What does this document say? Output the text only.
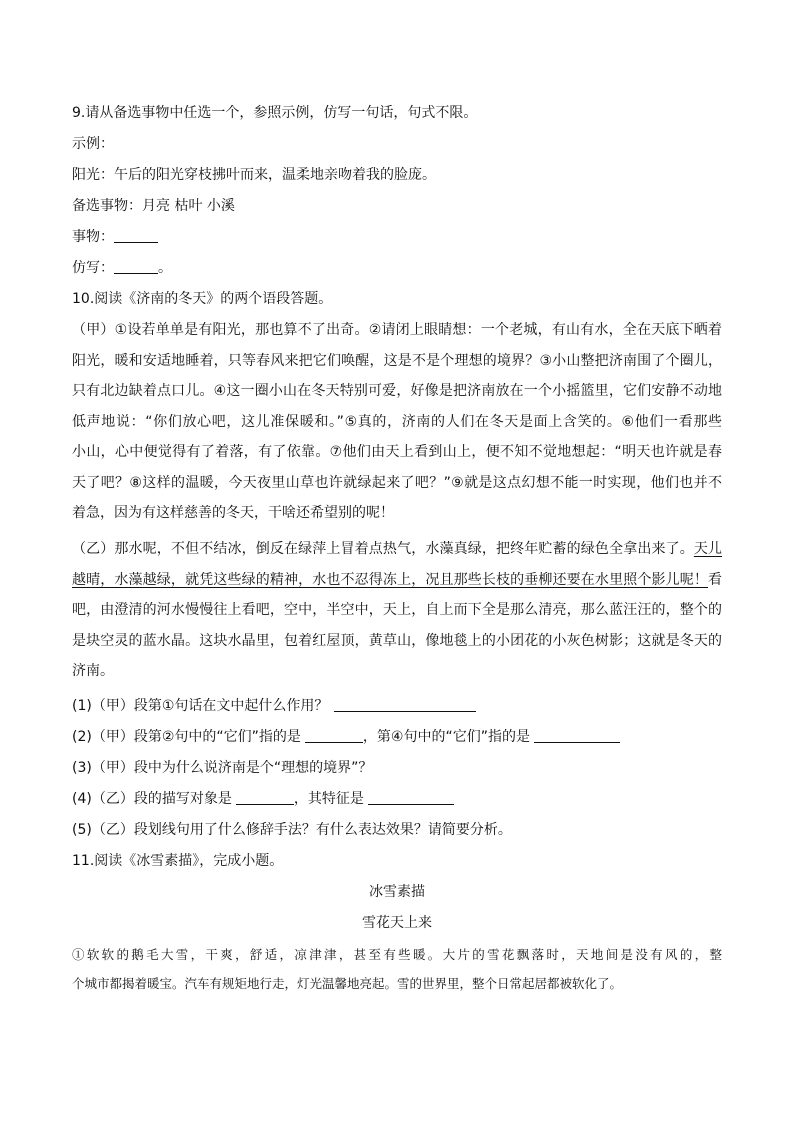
9.请从备选事物中任选一个，参照示例，仿写一句话，句式不限。
示例：
阳光：午后的阳光穿枝拂叶而来，温柔地亲吻着我的脸庞。
备选事物：月亮 枯叶 小溪
事物：
仿写：	。
10.阅读《济南的冬天》的两个语段答题。
（甲）①设若单单是有阳光，那也算不了出奇。②请闭上眼睛想：一个老城，有山有水，全在天底下晒着
阳光，暖和安适地睡着，只等春风来把它们唤醒，这是不是个理想的境界？③小山整把济南围了个圈儿，
只有北边缺着点口儿。④这一圈小山在冬天特别可爱，好像是把济南放在一个小摇篮里，它们安静不动地
低声地说：“你们放心吧，这儿准保暖和。”⑤真的，济南的人们在冬天是面上含笑的。⑥他们一看那些
小山，心中便觉得有了着落，有了依靠。⑦他们由天上看到山上，便不知不觉地想起：“明天也许就是春
天了吧？⑧这样的温暖，今天夜里山草也许就绿起来了吧？”⑨就是这点幻想不能一时实现，他们也并不
着急，因为有这样慈善的冬天，干啥还希望别的呢！
（乙）那水呢，不但不结冰，倒反在绿萍上冒着点热气，水藻真绿，把终年贮蓄的绿色全拿出来了。天儿
越晴，水藻越绿，就凭这些绿的精神，水也不忍得冻上，况且那些长枝的垂柳还要在水里照个影儿呢！看
吧，由澄清的河水慢慢往上看吧，空中，半空中，天上，自上而下全是那么清亮，那么蓝汪汪的，整个的
是块空灵的蓝水晶。这块水晶里，包着红屋顶，黄草山，像地毯上的小团花的小灰色树影；这就是冬天的
济南。
(1)（甲）段第①句话在文中起什么作用？
(2)（甲）段第②句中的“它们”指的是	，第④句中的“它们”指的是
(3)（甲）段中为什么说济南是个“理想的境界”？
(4)（乙）段的描写对象是	，其特征是
(5)（乙）段划线句用了什么修辞手法？有什么表达效果？请简要分析。
11.阅读《冰雪素描》，完成小题。
冰雪素描
雪花天上来
①软软的鹅毛大雪，干爽，舒适，凉津津，甚至有些暖。大片的雪花飘落时，天地间是没有风的，整
个城市都揭着暖宝。汽车有规矩地行走，灯光温馨地亮起。雪的世界里，整个日常起居都被软化了。
